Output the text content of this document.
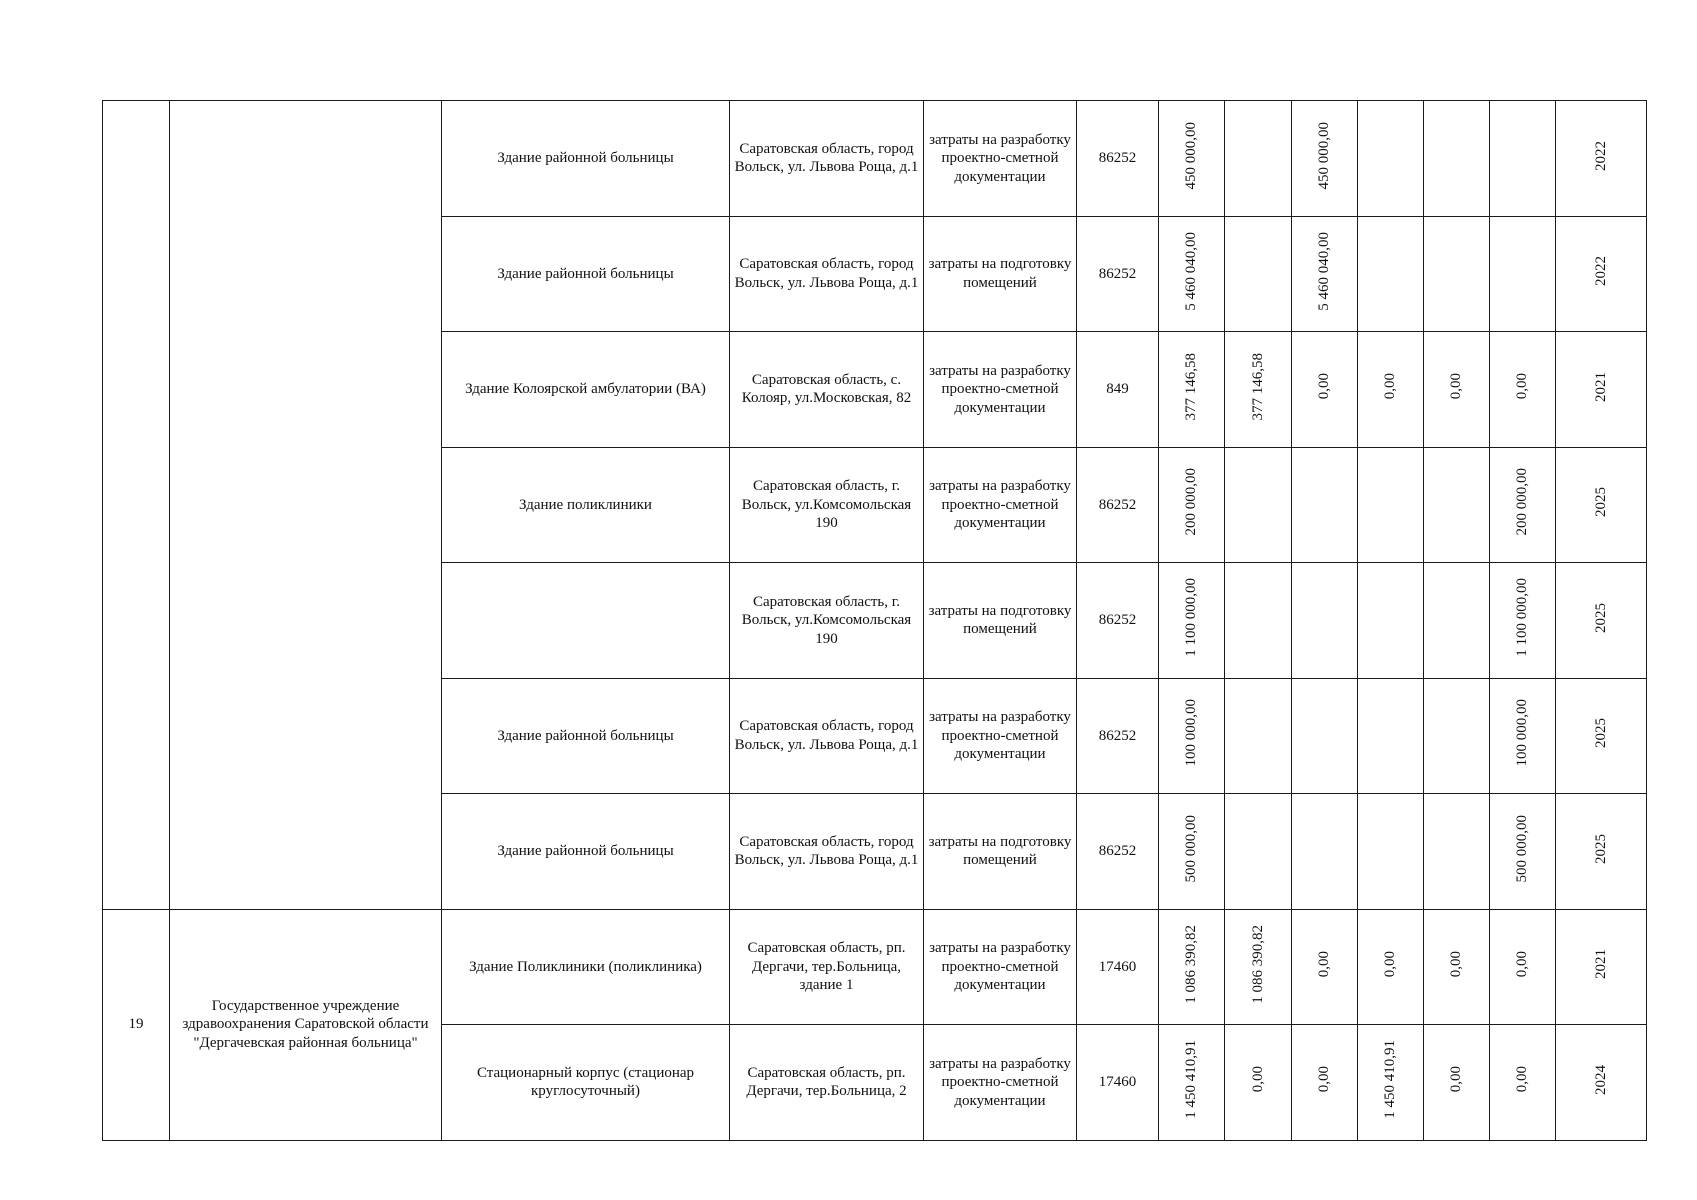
		Здание районной больницы	Саратовская область, город Вольск, ул. Львова Роща, д.1	затраты на разработку проектно-сметной документации	86252	450 000,00		450 000,00				2022
		Здание районной больницы	Саратовская область, город Вольск, ул. Львова Роща, д.1	затраты на подготовку помещений	86252	5 460 040,00		5 460 040,00				2022
		Здание Колоярской амбулатории (ВА)	Саратовская область, с. Колояр, ул.Московская, 82	затраты на разработку проектно-сметной документации	849	377 146,58	377 146,58	0,00	0,00	0,00	0,00	2021
		Здание поликлиники	Саратовская область, г. Вольск, ул.Комсомольская 190	затраты на разработку проектно-сметной документации	86252	200 000,00					200 000,00	2025
			Саратовская область, г. Вольск, ул.Комсомольская 190	затраты на подготовку помещений	86252	1 100 000,00					1 100 000,00	2025
		Здание районной больницы	Саратовская область, город Вольск, ул. Львова Роща, д.1	затраты на разработку проектно-сметной документации	86252	100 000,00					100 000,00	2025
		Здание районной больницы	Саратовская область, город Вольск, ул. Львова Роща, д.1	затраты на подготовку помещений	86252	500 000,00					500 000,00	2025
19	Государственное учреждение здравоохранения Саратовской области "Дергачевская районная больница"	Здание Поликлиники (поликлиника)	Саратовская область, рп. Дергачи, тер.Больница, здание 1	затраты на разработку проектно-сметной документации	17460	1 086 390,82	1 086 390,82	0,00	0,00	0,00	0,00	2021
		Стационарный корпус (стационар круглосуточный)	Саратовская область, рп. Дергачи, тер.Больница, 2	затраты на разработку проектно-сметной документации	17460	1 450 410,91	0,00	0,00	1 450 410,91	0,00	0,00	2024
